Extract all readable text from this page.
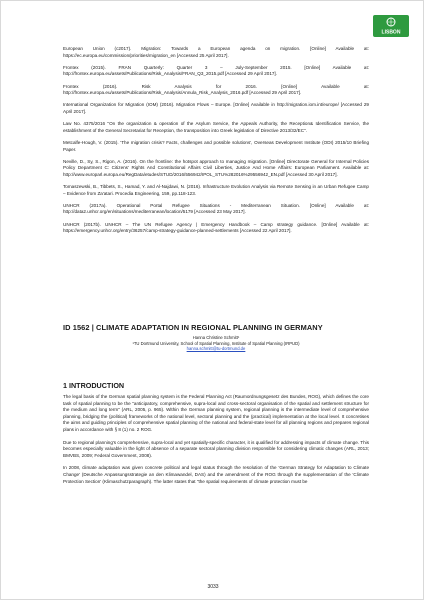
LISBON

European Union (c2017). Migration: Towards a European agenda on migration. [Online] Available at: https://ec.europa.eu/commission/priorities/migration_en [Accessed 25 April 2017].

Frontex (2015). FRAN Quarterly: Quarter 3 – July-September 2015. [Online] Available at: http://frontex.europa.eu/assets/Publications/Risk_Analysis/FRAN_Q3_2015.pdf [Accessed 29 April 2017].

Frontex (2016). Risk Analysis for 2016. [Online] Available at: http://frontex.europa.eu/assets/Publications/Risk_Analysis/Annula_Risk_Analysis_2016.pdf [Accessed 29 April 2017].

International Organization for Migration (IOM) (2016). Migration Flows – Europe. [Online] Available in http://migration.iom.int/europe/ [Accessed 29 April 2017].

Law No. 4375/2016 "On the organization & operation of the Asylum Service, the Appeals Authority, the Reception& Identification Service, the establishment of the General Secretariat for Reception, the transposition into Greek legislation of Directive 2013/32/EC".

Metcalfe-Hough, V. (2015). 'The migration crisis? Facts, challenges and possible solutions', Overseas Development Institute (ODI) 2015/10 Briefing Paper.

Neville, D., Sy, S., Rigon, A. (2016). On the frontline: the hotspot approach to managing migration. [Online] Directorate General for Internal Policies Policy Department C: Citizens' Rights And Constitutional Affairs Civil Liberties, Justice And Home Affairs: European Parliament. Available at: http://www.europarl.europa.eu/RegData/etudes/STUD/2016/556942/IPOL_STU%282016%29556942_EN.pdf [Accessed 30 April 2017].

Tomaszewski, B., Tibbets, S., Hamad, Y. and Al-Najdawi, N. (2016). Infrastructure Evolution Analysis via Remote Sensing in an Urban Refugee Camp – Evidence from Za'atari. Procedia Engineering, 159, pp.118-123.

UNHCR (2017a). Operational Portal Refugee Situations - Mediterranean Situation. [Online] Available at: http://data2.unhcr.org/en/situations/mediterranean/location/5179 [Accessed 23 May 2017].

UNHCR (2017b). UNHCR – The UN Refugee Agency | Emergency Handbook – Camp strategy guidance. [Online] Available at: https://emergency.unhcr.org/entry/36257/camp-strategy-guidance-planned-settlements [Accessed 22 April 2017].

ID 1562 | CLIMATE ADAPTATION IN REGIONAL PLANNING IN GERMANY
Hanna Christine Schmitt¹
¹TU Dortmund University, School of Spatial Planning, Institute of Spatial Planning (IRPUD)
hanna.schmitt@tu-dortmund.de
1 INTRODUCTION

The legal basis of the German spatial planning system is the Federal Planning Act (Raumordnungsgesetz des Bundes, ROG), which defines the core task of spatial planning to be the "anticipatory, comprehensive, supra-local and cross-sectoral organisation of the spatial and settlement structure for the medium and long term" (ARL, 2005, p. 965). Within the German planning system, regional planning is the intermediate level of comprehensive planning, bridging the (political) frameworks of the national level, sectoral planning and the (practical) implementation at the local level. It concretises the aims and guiding principles of comprehensive spatial planning of the national and federal-state level for all planning regions and prepares regional plans in accordance with § 8 (1) no. 2 ROG.

Due to regional planning's comprehensive, supra-local and yet spatially-specific character, it is qualified for addressing impacts of climate change. This becomes especially valuable in the light of absence of a separate sectoral planning division responsible for considering climatic changes (ARL, 2013; BMVBS, 2009; Federal Government, 2008).

In 2008, climate adaptation was given concrete political and legal status through the resolution of the 'German Strategy for Adaptation to Climate Change' (Deutsche Anpassungsstrategie an den Klimawandel, DAS) and the amendment of the ROG through the supplementation of the 'Climate Protection Section' (Klimaschutzparagraph). The latter states that "the spatial requirements of climate protection must be

3033
